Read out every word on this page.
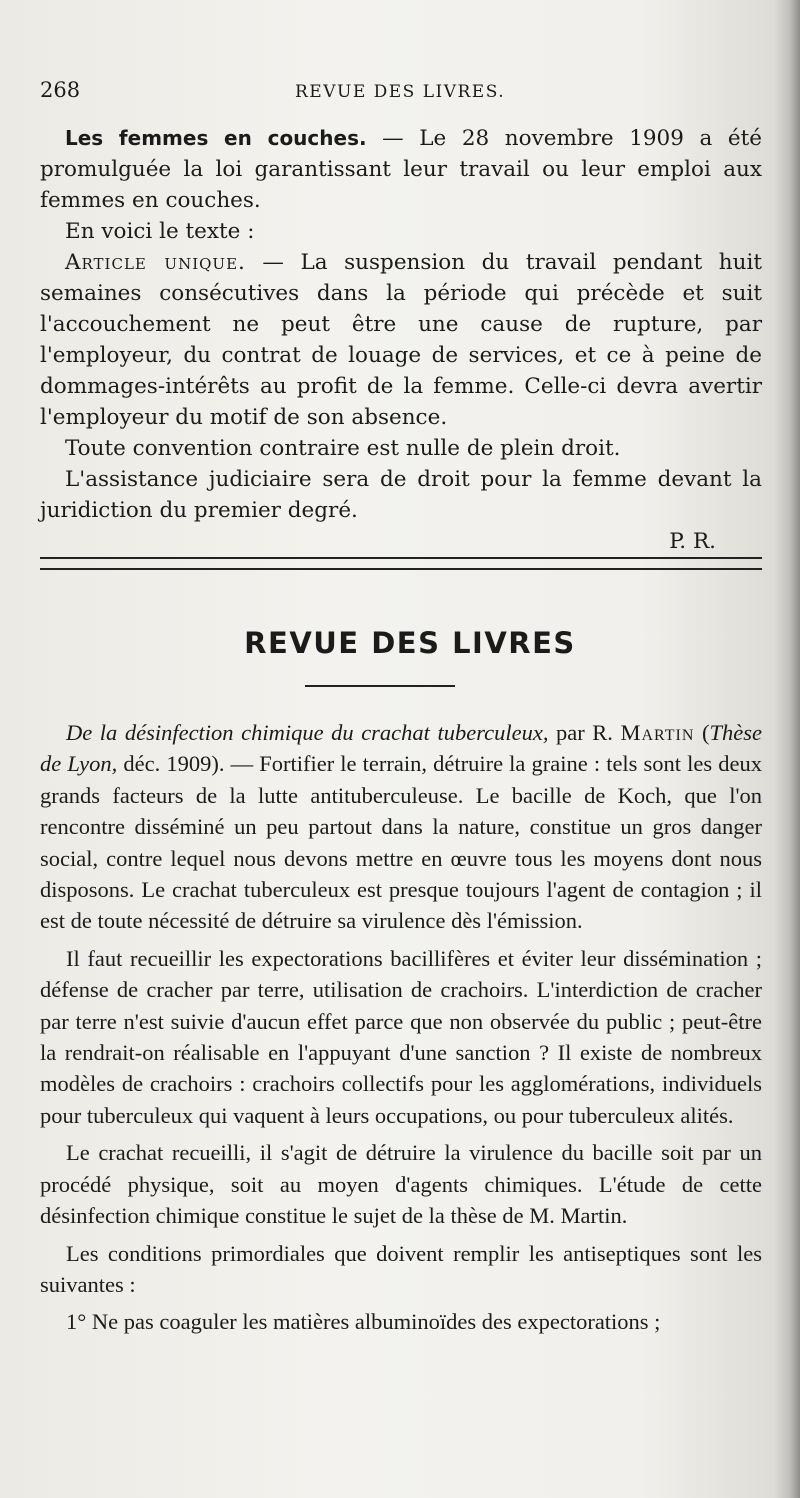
268	REVUE DES LIVRES.

Les femmes en couches. — Le 28 novembre 1909 a été promulguée la loi garantissant leur travail ou leur emploi aux femmes en couches.

En voici le texte :

Article unique. — La suspension du travail pendant huit semaines consécutives dans la période qui précède et suit l'accouchement ne peut être une cause de rupture, par l'employeur, du contrat de louage de services, et ce à peine de dommages-intérêts au profit de la femme. Celle-ci devra avertir l'employeur du motif de son absence.

Toute convention contraire est nulle de plein droit.

L'assistance judiciaire sera de droit pour la femme devant la juridiction du premier degré.

P. R.
REVUE DES LIVRES

De la désinfection chimique du crachat tuberculeux, par R. Martin (Thèse de Lyon, déc. 1909). — Fortifier le terrain, détruire la graine : tels sont les deux grands facteurs de la lutte antituberculeuse. Le bacille de Koch, que l'on rencontre disséminé un peu partout dans la nature, constitue un gros danger social, contre lequel nous devons mettre en œuvre tous les moyens dont nous disposons. Le crachat tuberculeux est presque toujours l'agent de contagion ; il est de toute nécessité de détruire sa virulence dès l'émission.

Il faut recueillir les expectorations bacillifères et éviter leur dissémination ; défense de cracher par terre, utilisation de crachoirs. L'interdiction de cracher par terre n'est suivie d'aucun effet parce que non observée du public ; peut-être la rendrait-on réalisable en l'appuyant d'une sanction ? Il existe de nombreux modèles de crachoirs : crachoirs collectifs pour les agglomérations, individuels pour tuberculeux qui vaquent à leurs occupations, ou pour tuberculeux alités.

Le crachat recueilli, il s'agit de détruire la virulence du bacille soit par un procédé physique, soit au moyen d'agents chimiques. L'étude de cette désinfection chimique constitue le sujet de la thèse de M. Martin.

Les conditions primordiales que doivent remplir les antiseptiques sont les suivantes :

1° Ne pas coaguler les matières albuminoïdes des expectorations ;
